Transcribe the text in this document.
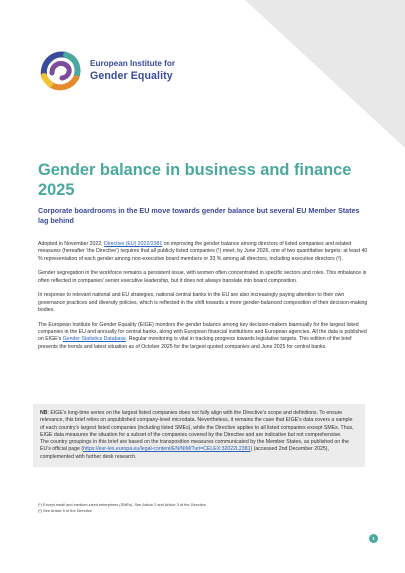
European Institute for
Gender Equality
Gender balance in business and finance 2025

Corporate boardrooms in the EU move towards gender balance but several EU Member States lag behind

Adopted in November 2022, Directive (EU) 2022/2381 on improving the gender balance among directors of listed companies and related measures (hereafter ‘the Directive’) requires that all publicly listed companies (¹) meet, by June 2026, one of two quantitative targets: at least 40 % representation of each gender among non-executive board members or 33 % among all directors, including executive directors (²).

Gender segregation in the workforce remains a persistent issue, with women often concentrated in specific sectors and roles. This imbalance is often reflected in companies’ senior executive leadership, but it does not always translate into board composition.

In response to relevant national and EU strategies, national central banks in the EU are also increasingly paying attention to their own governance practices and diversity policies, which is reflected in the shift towards a more gender-balanced composition of their decision-making bodies.

The European Institute for Gender Equality (EIGE) monitors the gender balance among key decision-makers biannually for the largest listed companies in the EU and annually for central banks, along with European financial institutions and European agencies. All the data is published on EIGE’s Gender Statistics Database. Regular monitoring is vital in tracking progress towards legislative targets. This edition of the brief presents the trends and latest situation as of October 2025 for the largest quoted companies and June 2025 for central banks.

NB: EIGE’s long-time series on the largest listed companies does not fully align with the Directive’s scope and definitions. To ensure relevance, this brief relies on unpublished company-level microdata. Nevertheless, it remains the case that EIGE’s data covers a sample of each country’s largest listed companies (including listed SMEs), while the Directive applies to all listed companies except SMEs. Thus, EIGE data measures the situation for a subset of the companies covered by the Directive and are indicative but not comprehensive.
The country groupings in this brief are based on the transposition measures communicated by the Member States, as published on the EU’s official page (https://eur-lex.europa.eu/legal-content/EN/NIM/?uri=CELEX:32022L2381) (accessed 2nd December 2025), complemented with further desk research.
(¹) Except small and medium-sized enterprises (SMEs). See Article 2 and Article 3 of the Directive.
(²) See Article 5 of the Directive.
1
